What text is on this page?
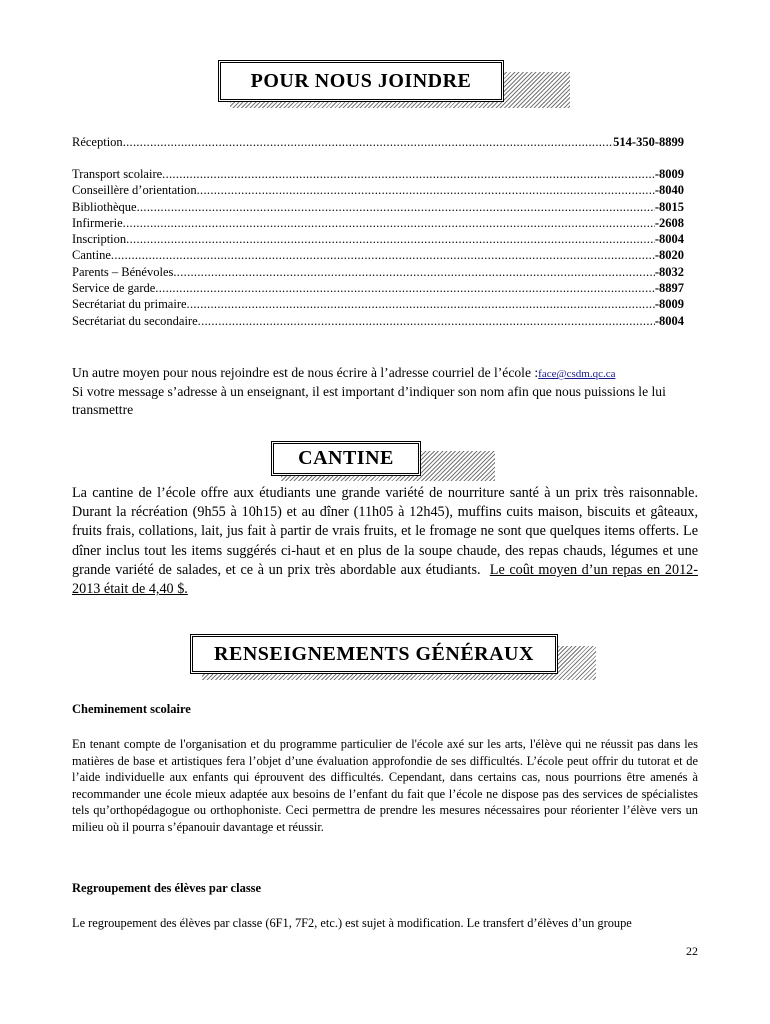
POUR NOUS JOINDRE
Réception .....	514-350-8899
Transport scolaire .....	-8009
Conseillère d’orientation .....	-8040
Bibliothèque .....	-8015
Infirmerie .....	-2608
Inscription .....	-8004
Cantine .....	-8020
Parents – Bénévoles .....	-8032
Service de garde .....	-8897
Secrétariat du primaire .....	-8009
Secrétariat du secondaire .....	-8004
Un autre moyen pour nous rejoindre est de nous écrire à l’adresse courriel de l’école :face@csdm.qc.ca
Si votre message s’adresse à un enseignant, il est important d’indiquer son nom afin que nous puissions le lui transmettre
CANTINE
La cantine de l’école offre aux étudiants une grande variété de nourriture santé à un prix très raisonnable. Durant la récréation (9h55 à 10h15) et au dîner (11h05 à 12h45), muffins cuits maison, biscuits et gâteaux, fruits frais, collations, lait, jus fait à partir de vrais fruits, et le fromage ne sont que quelques items offerts. Le dîner inclus tout les items suggérés ci-haut et en plus de la soupe chaude, des repas chauds, légumes et une grande variété de salades, et ce à un prix très abordable aux étudiants. Le coût moyen d’un repas en 2012-2013 était de 4,40 $.
RENSEIGNEMENTS GÉNÉRAUX
Cheminement scolaire
En tenant compte de l'organisation et du programme particulier de l'école axé sur les arts, l'élève qui ne réussit pas dans les matières de base et artistiques fera l’objet d’une évaluation approfondie de ses difficultés. L’école peut offrir du tutorat et de l’aide individuelle aux enfants qui éprouvent des difficultés. Cependant, dans certains cas, nous pourrions être amenés à recommander une école mieux adaptée aux besoins de l’enfant du fait que l’école ne dispose pas des services de spécialistes tels qu’orthopédagogue ou orthophoniste. Ceci permettra de prendre les mesures nécessaires pour réorienter l’élève vers un milieu où il pourra s’épanouir davantage et réussir.
Regroupement des élèves par classe
Le regroupement des élèves par classe (6F1, 7F2, etc.) est sujet à modification. Le transfert d’élèves d’un groupe
22
